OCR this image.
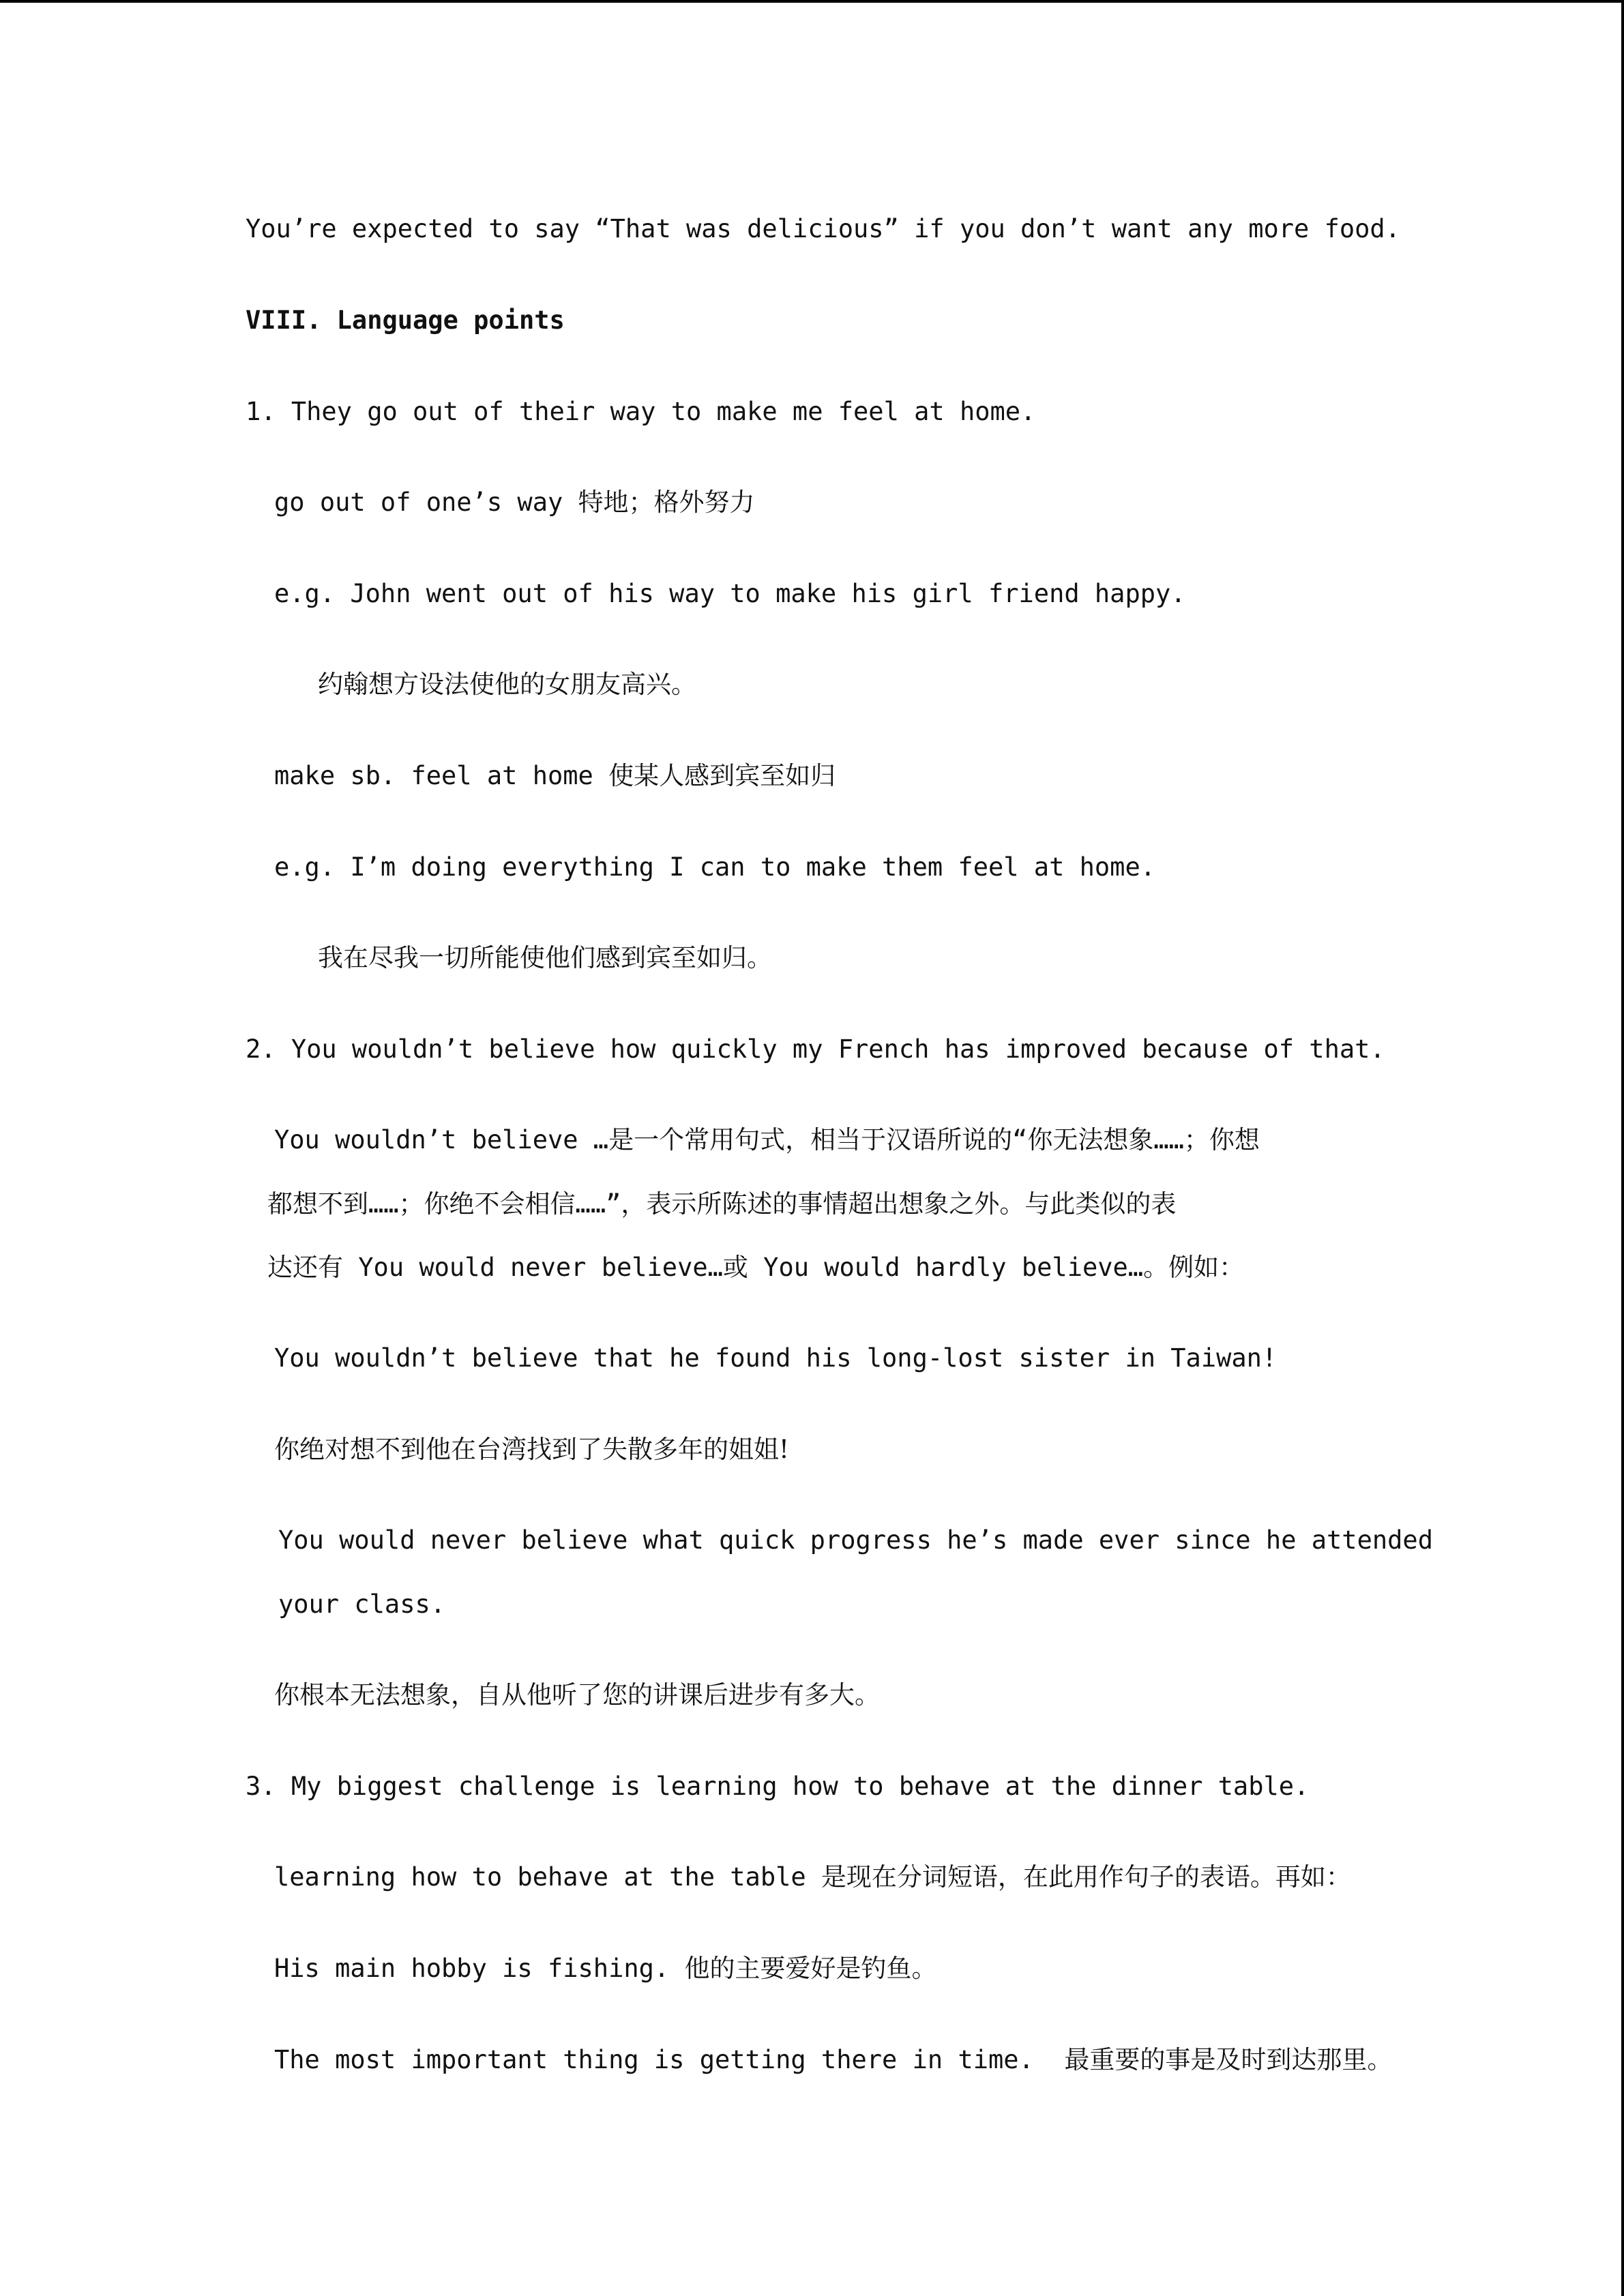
You’re expected to say “That was delicious” if you don’t want any more food.

VIII. Language points

1. They go out of their way to make me feel at home.

go out of one’s way 特地；格外努力

e.g. John went out of his way to make his girl friend happy.

约翰想方设法使他的女朋友高兴。

make sb. feel at home 使某人感到宾至如归

e.g. I’m doing everything I can to make them feel at home.

我在尽我一切所能使他们感到宾至如归。

2. You wouldn’t believe how quickly my French has improved because of that.

You wouldn’t believe …是一个常用句式，相当于汉语所说的“你无法想象……；你想

都想不到……；你绝不会相信……”，表示所陈述的事情超出想象之外。与此类似的表

达还有 You would never believe…或 You would hardly believe…。例如：

You wouldn’t believe that he found his long-lost sister in Taiwan!

你绝对想不到他在台湾找到了失散多年的姐姐!

You would never believe what quick progress he’s made ever since he attended

your class.

你根本无法想象，自从他听了您的讲课后进步有多大。

3. My biggest challenge is learning how to behave at the dinner table.

learning how to behave at the table 是现在分词短语，在此用作句子的表语。再如：

His main hobby is fishing. 他的主要爱好是钓鱼。

The most important thing is getting there in time.  最重要的事是及时到达那里。
